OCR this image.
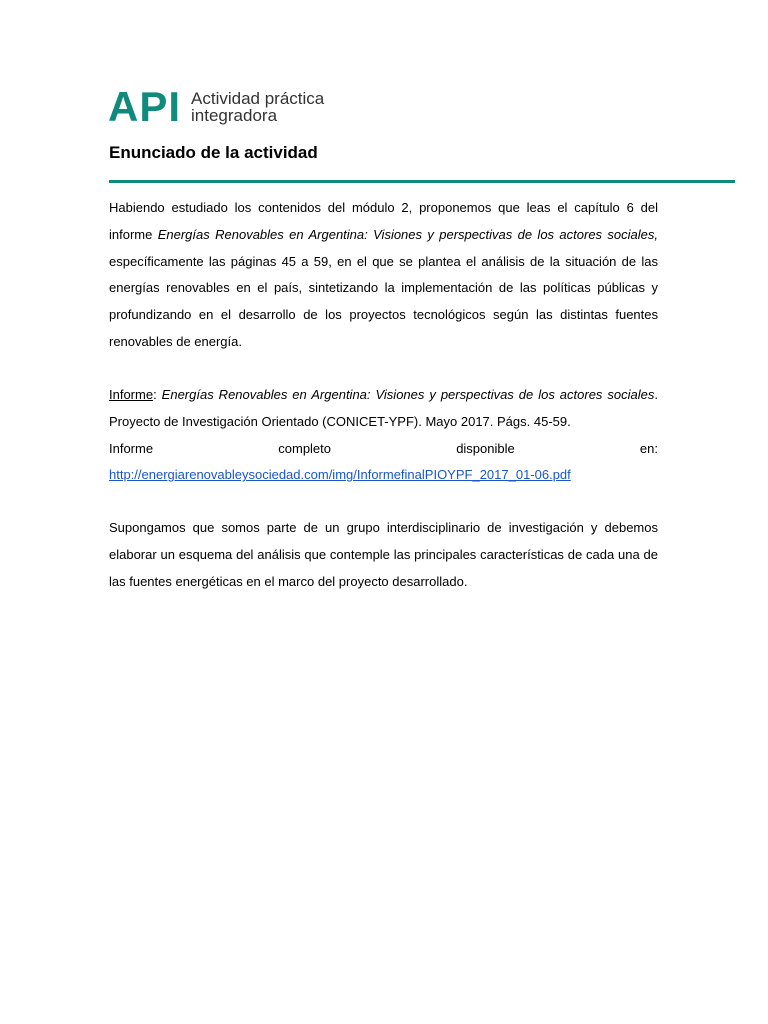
API Actividad práctica
integradora
Enunciado de la actividad

Habiendo estudiado los contenidos del módulo 2, proponemos que leas el capítulo 6 del informe Energías Renovables en Argentina: Visiones y perspectivas de los actores sociales, específicamente las páginas 45 a 59, en el que se plantea el análisis de la situación de las energías renovables en el país, sintetizando la implementación de las políticas públicas y profundizando en el desarrollo de los proyectos tecnológicos según las distintas fuentes renovables de energía.

Informe: Energías Renovables en Argentina: Visiones y perspectivas de los actores sociales. Proyecto de Investigación Orientado (CONICET-YPF). Mayo 2017. Págs. 45-59.

Informe completo disponible en:
http://energiarenovableysociedad.com/img/InformefinalPIOYPF_2017_01-06.pdf

Supongamos que somos parte de un grupo interdisciplinario de investigación y debemos elaborar un esquema del análisis que contemple las principales características de cada una de las fuentes energéticas en el marco del proyecto desarrollado.
